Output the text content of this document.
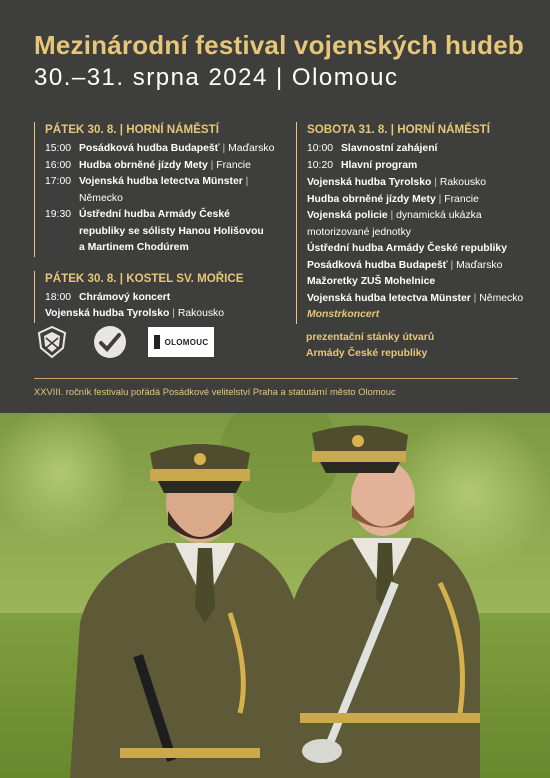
Mezinárodní festival vojenských hudeb
30.–31. srpna 2024 | Olomouc
PÁTEK 30. 8. | HORNÍ NÁMĚSTÍ
15:00 Posádková hudba Budapešť | Maďarsko
16:00 Hudba obrněné jízdy Mety | Francie
17:00 Vojenská hudba letectva Münster | Německo
19:30 Ústřední hudba Armády České republiky se sólisty Hanou Holišovou a Martinem Chodúrem
PÁTEK 30. 8. | KOSTEL SV. MOŘICE
18:00 Chrámový koncert
Vojenská hudba Tyrolsko | Rakousko
SOBOTA 31. 8. | HORNÍ NÁMĚSTÍ
10:00 Slavnostní zahájení
10:20 Hlavní program
Vojenská hudba Tyrolsko | Rakousko
Hudba obrněné jízdy Mety | Francie
Vojenská policie | dynamická ukázka motorizované jednotky
Ústřední hudba Armády České republiky
Posádková hudba Budapešť | Maďarsko
Mažoretky ZUŠ Mohelnice
Vojenská hudba letectva Münster | Německo
Monstrkoncert
prezentační stánky útvarů Armády České republiky
OLOMOUC
XXVIII. ročník festivalu pořádá Posádkové velitelství Praha a statutární město Olomouc
